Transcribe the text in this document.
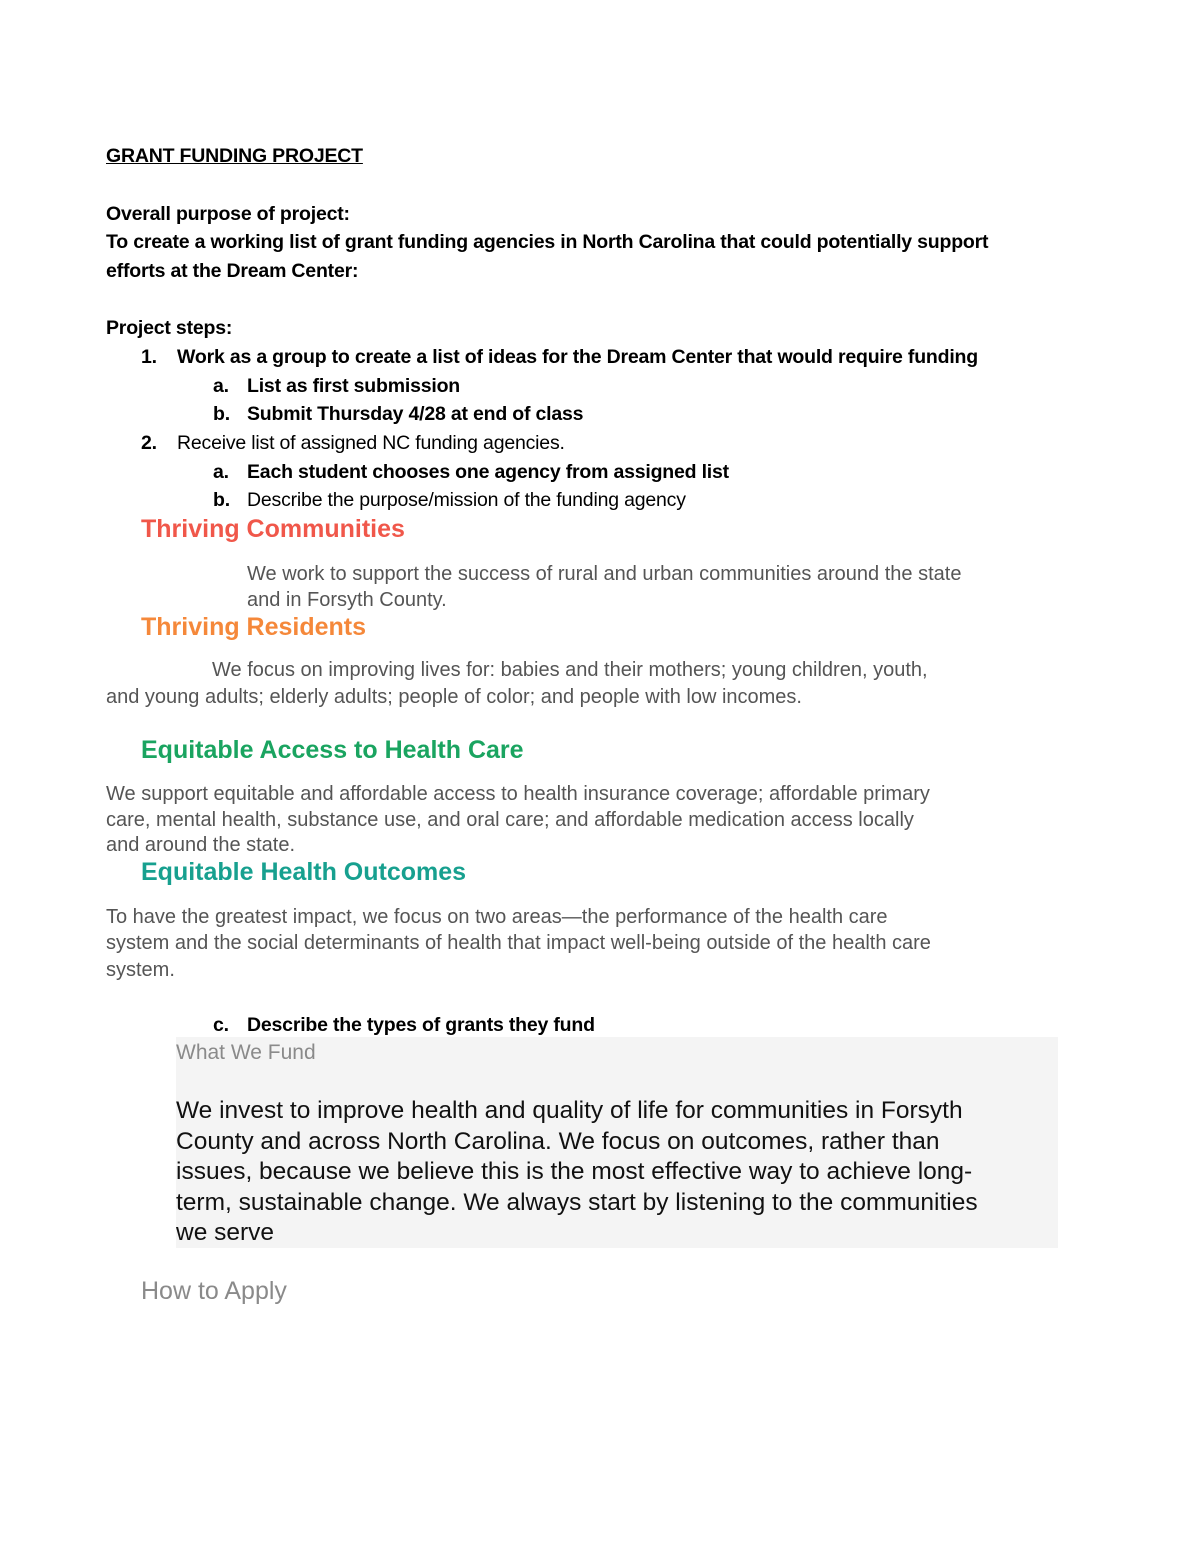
GRANT FUNDING PROJECT
Overall purpose of project:
To create a working list of grant funding agencies in North Carolina that could potentially support
efforts at the Dream Center:
Project steps:
1. Work as a group to create a list of ideas for the Dream Center that would require funding
a. List as first submission
b. Submit Thursday 4/28 at end of class
2. Receive list of assigned NC funding agencies.
a. Each student chooses one agency from assigned list
b. Describe the purpose/mission of the funding agency
Thriving Communities
We work to support the success of rural and urban communities around the state
and in Forsyth County.
Thriving Residents
We focus on improving lives for: babies and their mothers; young children, youth,
and young adults; elderly adults; people of color; and people with low incomes.
Equitable Access to Health Care
We support equitable and affordable access to health insurance coverage; affordable primary
care, mental health, substance use, and oral care; and affordable medication access locally
and around the state.
Equitable Health Outcomes
To have the greatest impact, we focus on two areas—the performance of the health care
system and the social determinants of health that impact well-being outside of the health care
system.
c. Describe the types of grants they fund
What We Fund
We invest to improve health and quality of life for communities in Forsyth
County and across North Carolina. We focus on outcomes, rather than
issues, because we believe this is the most effective way to achieve long-
term, sustainable change. We always start by listening to the communities
we serve
How to Apply
